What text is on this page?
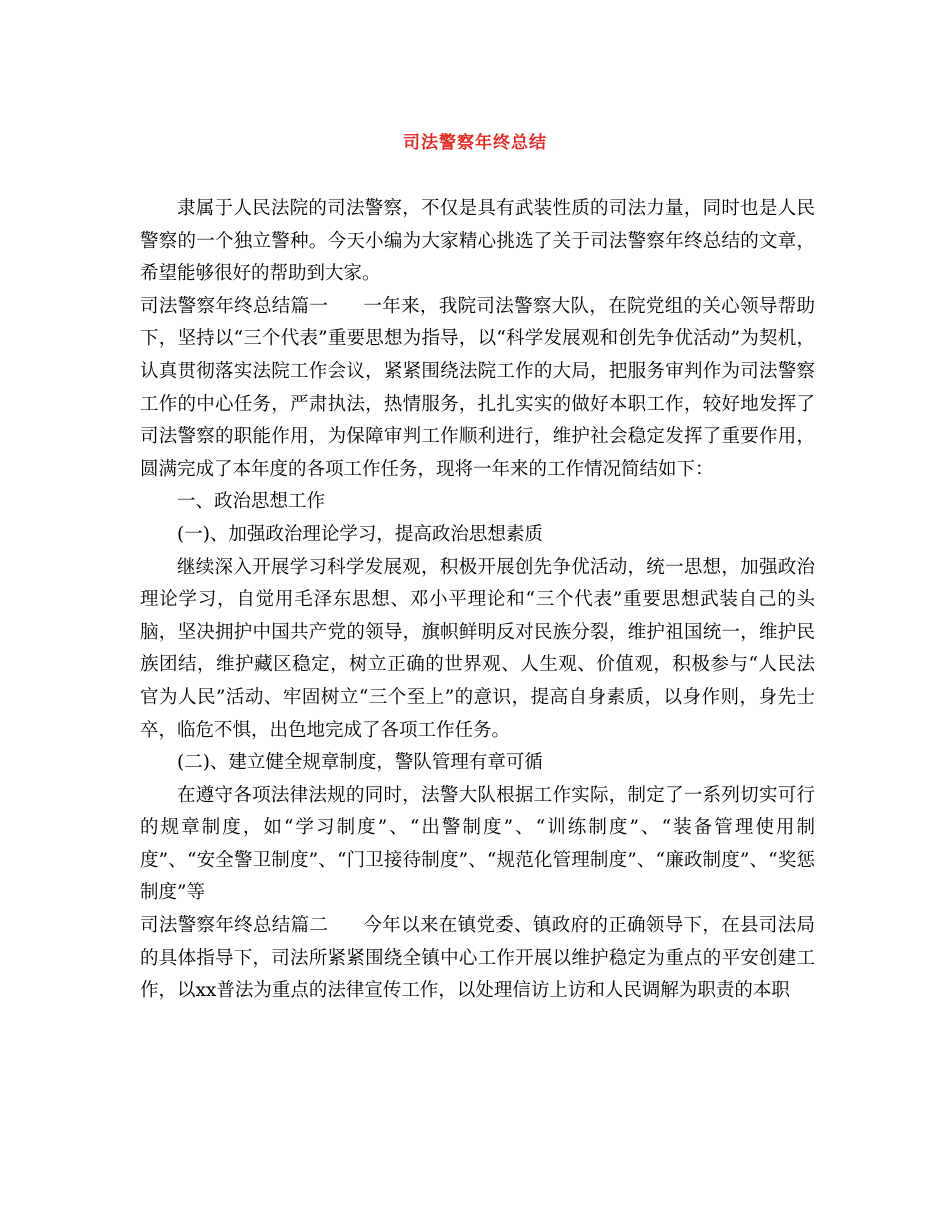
司法警察年终总结

隶属于人民法院的司法警察，不仅是具有武装性质的司法力量，同时也是人民警察的一个独立警种。今天小编为大家精心挑选了关于司法警察年终总结的文章，希望能够很好的帮助到大家。

司法警察年终总结篇一 一年来，我院司法警察大队，在院党组的关心领导帮助下，坚持以“三个代表”重要思想为指导，以“科学发展观和创先争优活动”为契机，认真贯彻落实法院工作会议，紧紧围绕法院工作的大局，把服务审判作为司法警察工作的中心任务，严肃执法，热情服务，扎扎实实的做好本职工作，较好地发挥了司法警察的职能作用，为保障审判工作顺利进行，维护社会稳定发挥了重要作用，圆满完成了本年度的各项工作任务，现将一年来的工作情况简结如下：

一、政治思想工作

(一)、加强政治理论学习，提高政治思想素质

继续深入开展学习科学发展观，积极开展创先争优活动，统一思想，加强政治理论学习，自觉用毛泽东思想、邓小平理论和“三个代表”重要思想武装自己的头脑，坚决拥护中国共产党的领导，旗帜鲜明反对民族分裂，维护祖国统一，维护民族团结，维护藏区稳定，树立正确的世界观、人生观、价值观，积极参与“人民法官为人民”活动、牢固树立“三个至上”的意识，提高自身素质，以身作则，身先士卒，临危不惧，出色地完成了各项工作任务。

(二)、建立健全规章制度，警队管理有章可循

在遵守各项法律法规的同时，法警大队根据工作实际，制定了一系列切实可行的规章制度，如“学习制度”、“出警制度”、“训练制度”、“装备管理使用制度”、“安全警卫制度”、“门卫接待制度”、“规范化管理制度”、“廉政制度”、“奖惩制度”等

司法警察年终总结篇二 今年以来在镇党委、镇政府的正确领导下，在县司法局的具体指导下，司法所紧紧围绕全镇中心工作开展以维护稳定为重点的平安创建工作，以xx普法为重点的法律宣传工作，以处理信访上访和人民调解为职责的本职
